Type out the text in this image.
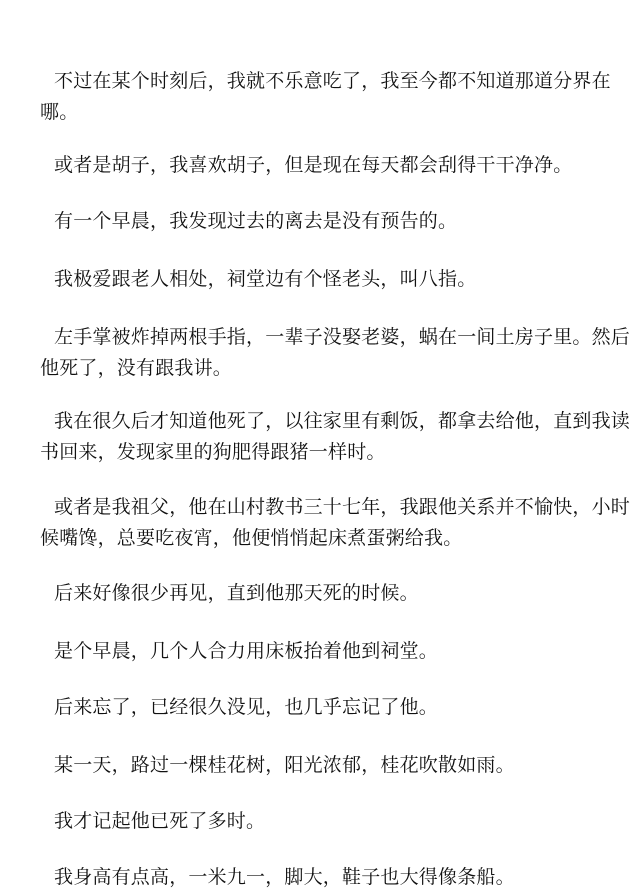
不过在某个时刻后，我就不乐意吃了，我至今都不知道那道分界在哪。

或者是胡子，我喜欢胡子，但是现在每天都会刮得干干净净。

有一个早晨，我发现过去的离去是没有预告的。

我极爱跟老人相处，祠堂边有个怪老头，叫八指。

左手掌被炸掉两根手指，一辈子没娶老婆，蜗在一间土房子里。然后他死了，没有跟我讲。

我在很久后才知道他死了，以往家里有剩饭，都拿去给他，直到我读书回来，发现家里的狗肥得跟猪一样时。

或者是我祖父，他在山村教书三十七年，我跟他关系并不愉快，小时候嘴馋，总要吃夜宵，他便悄悄起床煮蛋粥给我。

后来好像很少再见，直到他那天死的时候。

是个早晨，几个人合力用床板抬着他到祠堂。

后来忘了，已经很久没见，也几乎忘记了他。

某一天，路过一棵桂花树，阳光浓郁，桂花吹散如雨。

我才记起他已死了多时。

我身高有点高，一米九一，脚大，鞋子也大得像条船。
